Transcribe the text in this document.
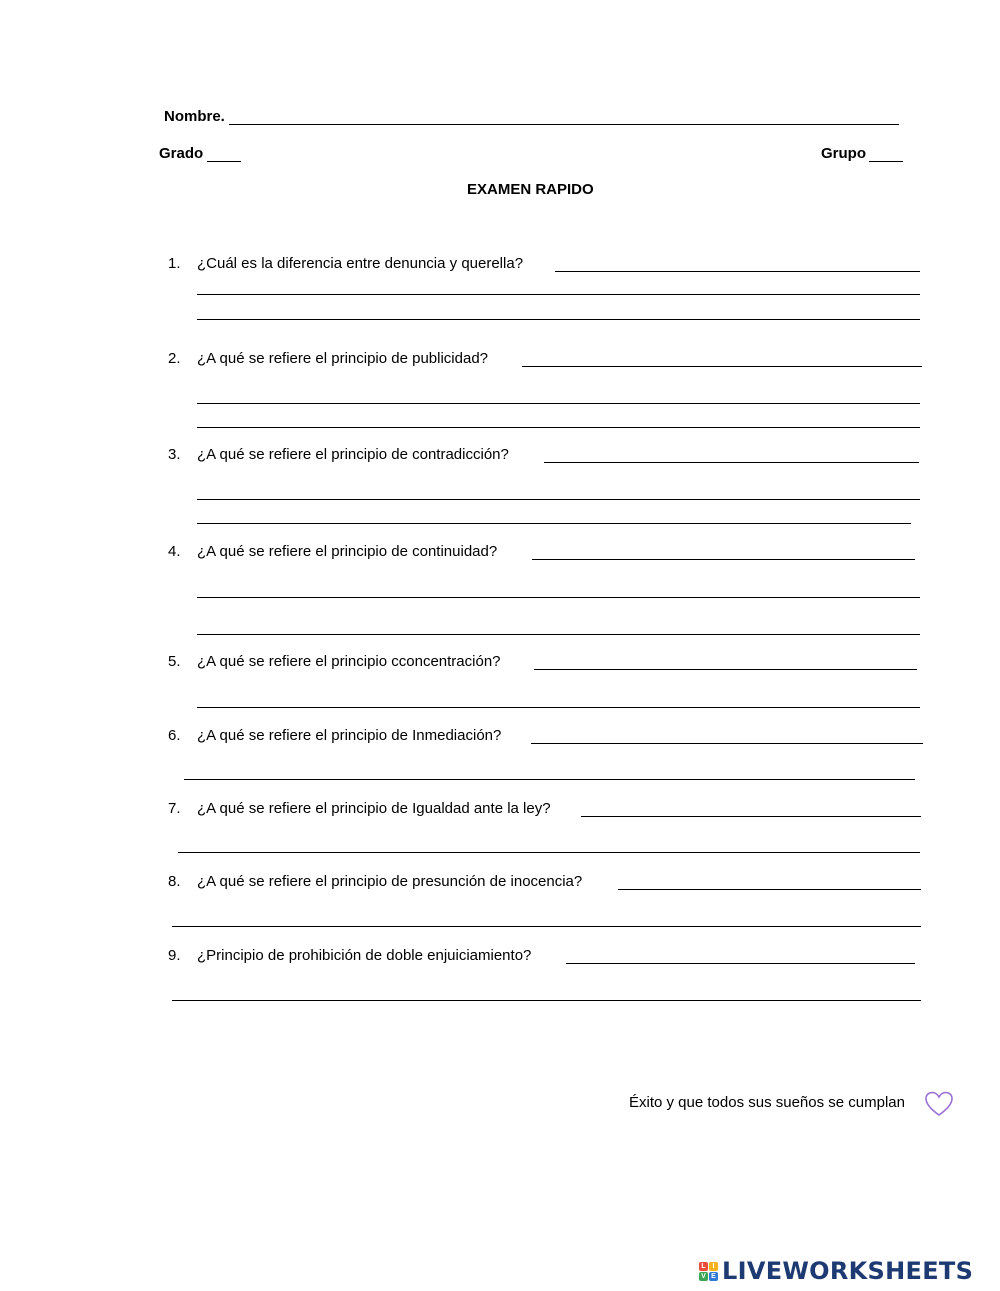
Nombre.
Grado	Grupo
EXAMEN RAPIDO
1. ¿Cuál es la diferencia entre denuncia y querella?
2. ¿A qué se refiere el principio de publicidad?
3. ¿A qué se refiere el principio de contradicción?
4. ¿A qué se refiere el principio de continuidad?
5. ¿A qué se refiere el principio cconcentración?
6. ¿A qué se refiere el principio de Inmediación?
7. ¿A qué se refiere el principio de Igualdad ante la ley?
8. ¿A qué se refiere el principio de presunción de inocencia?
9. ¿Principio de prohibición de doble enjuiciamiento?
Éxito y que todos sus sueños se cumplan
L I
V E LIVEWORKSHEETS
